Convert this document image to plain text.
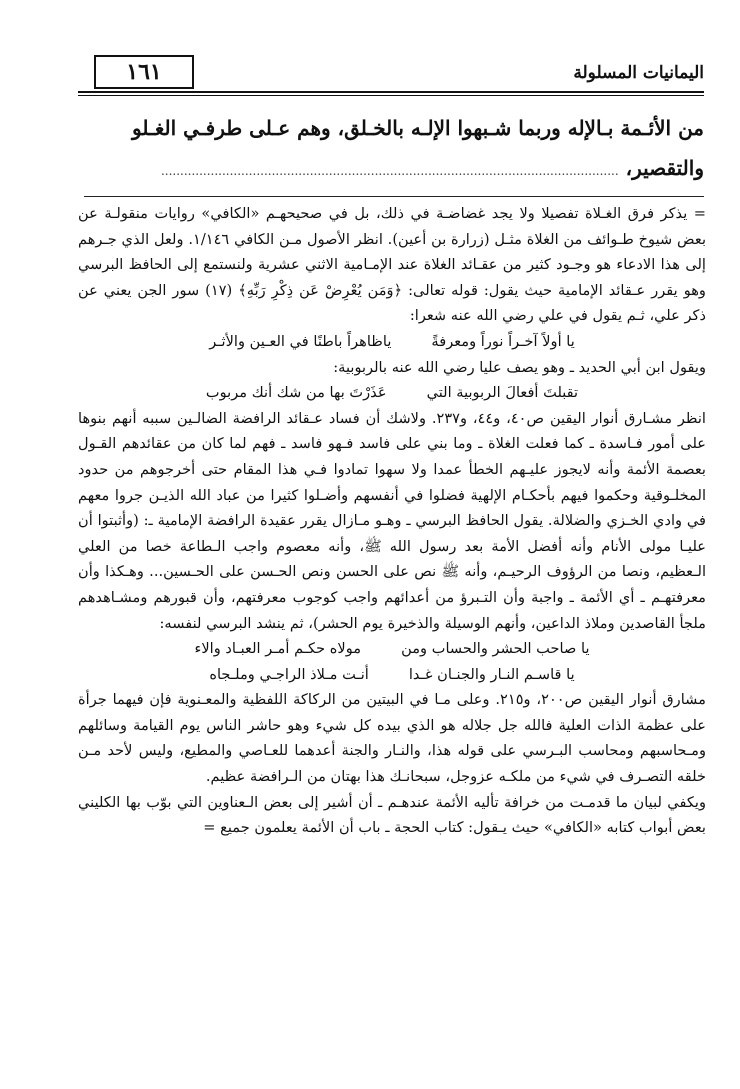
١٦١	اليمانيات المسلولة
من الأئـمة بـالإله وربما شـبهوا الإلـه بالخـلق، وهم عـلى طرفـي الغـلو
والتقصير، ........................................................................................................................

= يذكر فرق الغـلاة تفصيلا ولا يجد غضاضـة في ذلك، بل في صحيحهـم «الكافي» روايات منقولـة عن بعض شيوخ طـوائف من الغلاة مثـل (زرارة بن أعين). انظر الأصول مـن الكافي ١/١٤٦. ولعل الذي جـرهم إلى هذا الادعاء هو وجـود كثير من عقـائد الغلاة عند الإمـامية الاثني عشرية ولنستمع إلى الحافظ البرسي وهو يقرر عـقائد الإمامية حيث يقول: قوله تعالى: ﴿وَمَن يُعْرِضْ عَن ذِكْرِ رَبِّهِ﴾ (١٧) سور الجن يعني عن ذكر علي، ثـم يقول في علي رضي الله عنه شعرا:

يا أولاً آخـراً نوراً ومعرفةً
ياظاهراً باطنًا في العـين والأثـر

ويقول ابن أبي الحديد ـ وهو يصف عليا رضي الله عنه بالربوبية:

تقبلتَ أفعالَ الربوبية التي
عَذَرْتَ بها من شك أنك مربوب

انظر مشـارق أنوار اليقين ص٤٠، و٤٤، و٢٣٧. ولاشك أن فساد عـقائد الرافضة الضالـين سببه أنهم بنوها على أمور فـاسدة ـ كما فعلت الغلاة ـ وما بني على فاسد فـهو فاسد ـ فهم لما كان من عقائدهم القـول بعصمة الأئمة وأنه لايجوز عليـهم الخطأ عمدا ولا سهوا تمادوا فـي هذا المقام حتى أخرجوهم من حدود المخلـوقية وحكموا فيهم بأحكـام الإلهية فضلوا في أنفسهم وأضـلوا كثيرا من عباد الله الذيـن جروا معهم في وادي الخـزي والضلالة. يقول الحافظ البرسي ـ وهـو مـازال يقرر عقيدة الرافضة الإمامية ـ: (وأثبتوا أن عليـا مولى الأنام وأنه أفضل الأمة بعد رسول الله ﷺ، وأنه معصوم واجب الـطاعة خصا من العلي الـعظيم، ونصا من الرؤوف الرحيـم، وأنه ﷺ نص على الحسن ونص الحـسن على الحـسين... وهـكذا وأن معرفتهـم ـ أي الأئمة ـ واجبة وأن التـبرؤ من أعدائهم واجب كوجوب معرفتهم، وأن قبورهم ومشـاهدهم ملجأ القاصدين وملاذ الداعين، وأنهم الوسيلة والذخيرة يوم الحشر)، ثم ينشد البرسي لنفسه:

يا صاحب الحشر والحساب ومن
مولاه حكـم أمـر العبـاد والاء
يا قاسـم النـار والجنـان غـدا
أنـت مـلاذ الراجـي وملـجاه

مشارق أنوار اليقين ص٢٠٠، و٢١٥. وعلى مـا في البيتين من الركاكة اللفظية والمعـنوية فإن فيهما جرأة على عظمة الذات العلية فالله جل جلاله هو الذي بيده كل شيء وهو حاشر الناس يوم القيامة وسائلهم ومـحاسبهم ومحاسب البـرسي على قوله هذا، والنـار والجنة أعدهما للعـاصي والمطيع، وليس لأحد مـن خلقه التصـرف في شيء من ملكـه عزوجل، سبحانـك هذا بهتان من الـرافضة عظيم.

ويكفي لبيان ما قدمـت من خرافة تأليه الأئمة عندهـم ـ أن أشير إلى بعض الـعناوين التي بوّب بها الكليني بعض أبواب كتابه «الكافي» حيث يـقول: كتاب الحجة ـ باب أن الأئمة يعلمون جميع =
